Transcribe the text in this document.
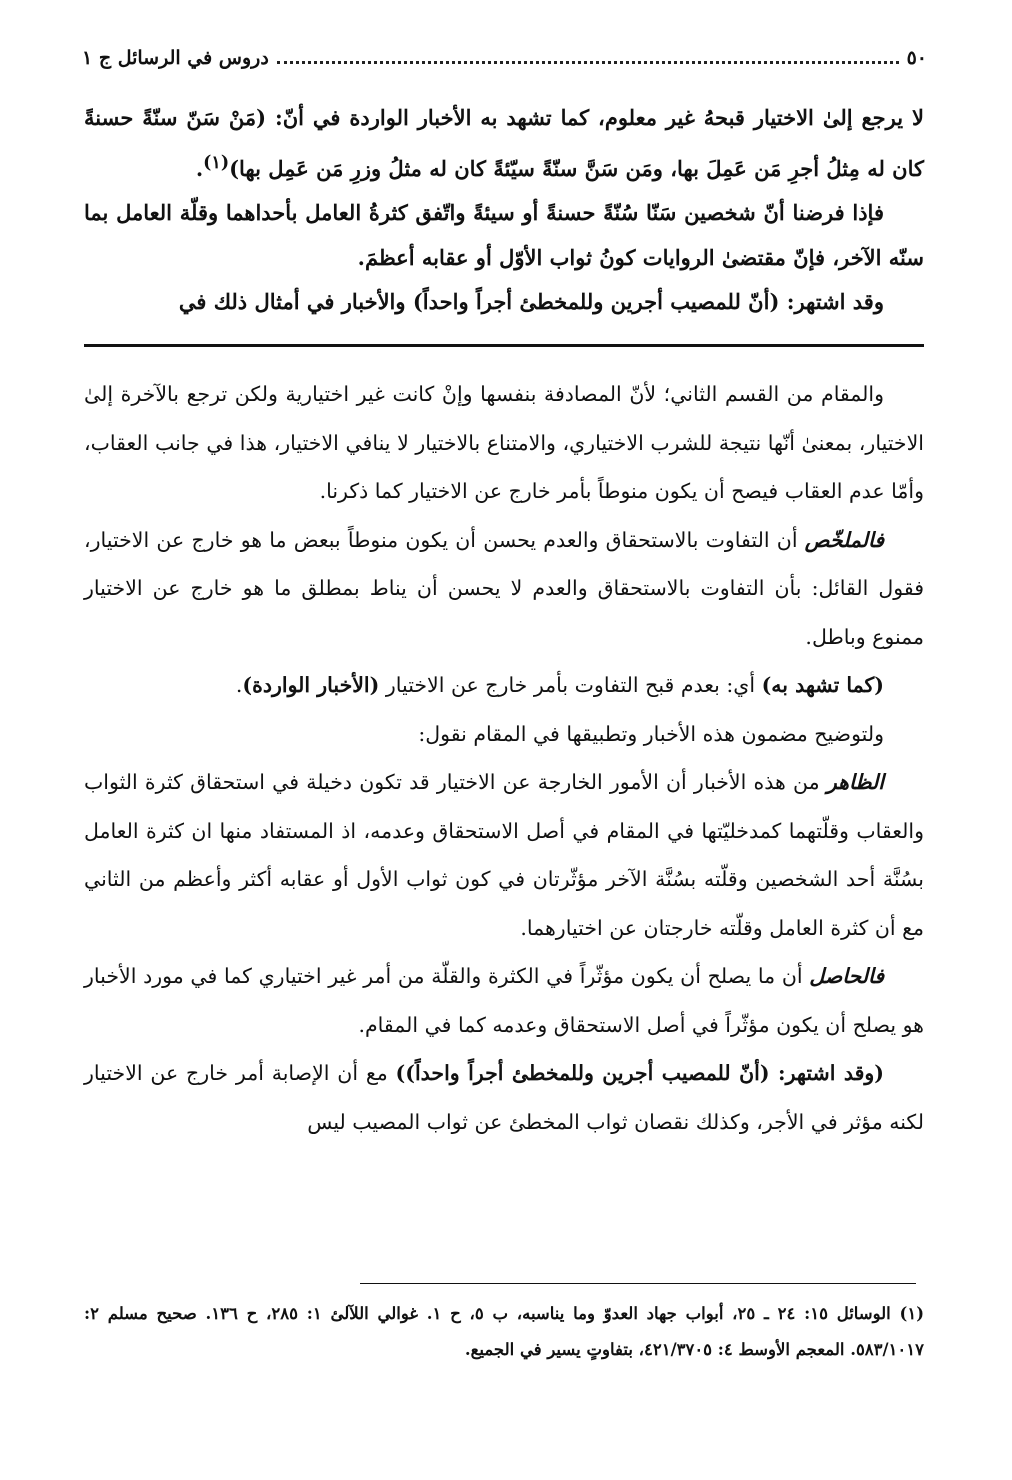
٥٠
دروس في الرسائل ج ١

لا يرجع إلىٰ الاختيار قبحهُ غير معلوم، كما تشهد به الأخبار الواردة في أنّ: (مَنْ سَنّ سنّةً حسنةً كان له مِثلُ أجرِ مَن عَمِلَ بها، ومَن سَنَّ سنّةً سيّئةً كان له مثلُ وزرِ مَن عَمِل بها)$^{(١)}$.

فإذا فرضنا أنّ شخصين سَنّا سُنّةً حسنةً أو سيئةً واتّفق كثرةُ العامل بأحداهما وقلّة العامل بما سنّه الآخر، فإنّ مقتضىٰ الروايات كونُ ثواب الأوّل أو عقابه أعظمَ.

وقد اشتهر: (أنّ للمصيب أجرين وللمخطئ أجراً واحداً) والأخبار في أمثال ذلك في

والمقام من القسم الثاني؛ لأنّ المصادفة بنفسها وإنْ كانت غير اختيارية ولكن ترجع بالآخرة إلىٰ الاختيار، بمعنىٰ أنّها نتيجة للشرب الاختياري، والامتناع بالاختيار لا ينافي الاختيار، هذا في جانب العقاب، وأمّا عدم العقاب فيصح أن يكون منوطاً بأمر خارج عن الاختيار كما ذكرنا.

فالملخّص أن التفاوت بالاستحقاق والعدم يحسن أن يكون منوطاً ببعض ما هو خارج عن الاختيار، فقول القائل: بأن التفاوت بالاستحقاق والعدم لا يحسن أن يناط بمطلق ما هو خارج عن الاختيار ممنوع وباطل.

(كما تشهد به) أي: بعدم قبح التفاوت بأمر خارج عن الاختيار (الأخبار الواردة).

ولتوضيح مضمون هذه الأخبار وتطبيقها في المقام نقول:

الظاهر من هذه الأخبار أن الأمور الخارجة عن الاختيار قد تكون دخيلة في استحقاق كثرة الثواب والعقاب وقلّتهما كمدخليّتها في المقام في أصل الاستحقاق وعدمه، اذ المستفاد منها ان كثرة العامل بسُنَّة أحد الشخصين وقلّته بسُنَّة الآخر مؤثّرتان في كون ثواب الأول أو عقابه أكثر وأعظم من الثاني مع أن كثرة العامل وقلّته خارجتان عن اختيارهما.

فالحاصل أن ما يصلح أن يكون مؤثّراً في الكثرة والقلّة من أمر غير اختياري كما في مورد الأخبار هو يصلح أن يكون مؤثّراً في أصل الاستحقاق وعدمه كما في المقام.

(وقد اشتهر: (أنّ للمصيب أجرين وللمخطئ أجراً واحداً)) مع أن الإصابة أمر خارج عن الاختيار لكنه مؤثر في الأجر، وكذلك نقصان ثواب المخطئ عن ثواب المصيب ليس

(١) الوسائل ١٥: ٢٤ ـ ٢٥، أبواب جهاد العدوّ وما يناسبه، ب ٥، ح ١. غوالي اللآلئ ١: ٢٨٥، ح ١٣٦. صحيح مسلم ٢: ٥٨٣/١٠١٧. المعجم الأوسط ٤: ٤٢١/٣٧٠٥، بتفاوتٍ يسير في الجميع.
